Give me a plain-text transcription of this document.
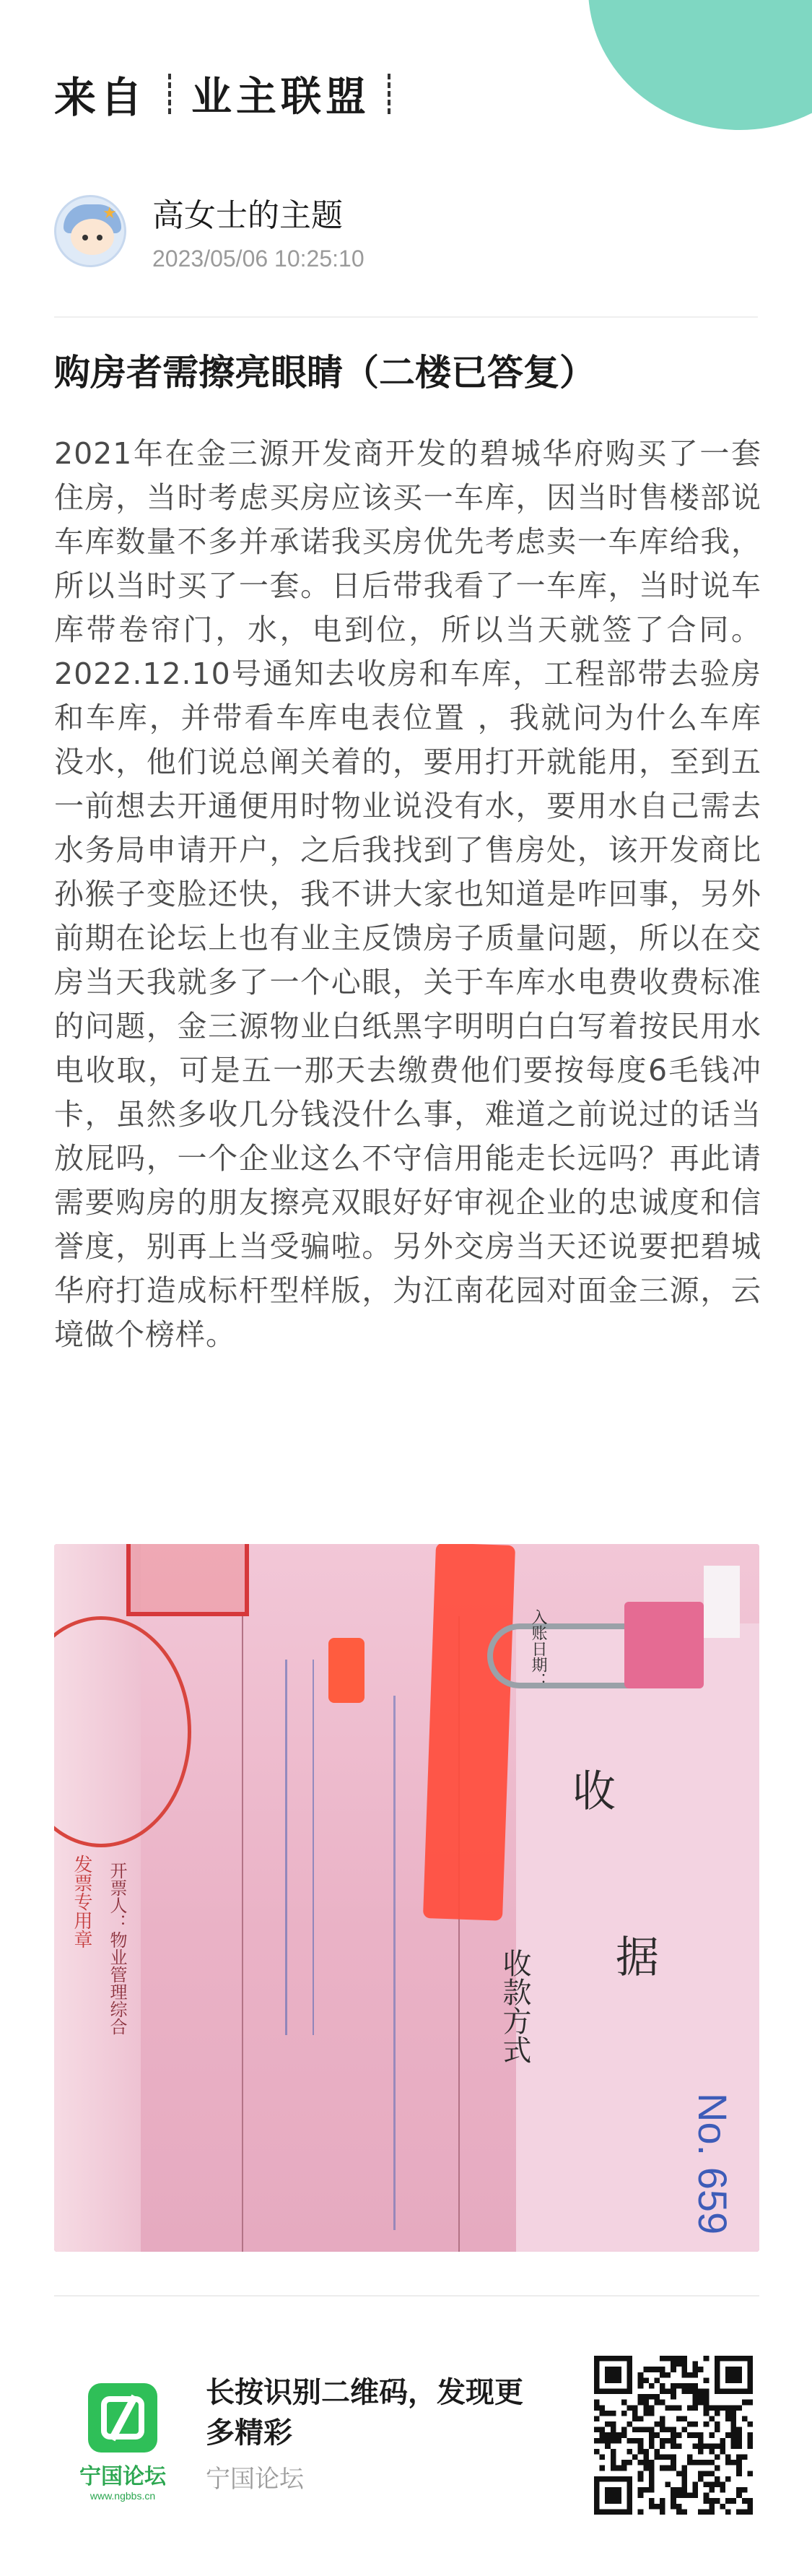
来自 业主联盟
★ 高女士的主题
2023/05/06 10:25:10
购房者需擦亮眼睛（二楼已答复）
2021年在金三源开发商开发的碧城华府购买了一套住房，当时考虑买房应该买一车库，因当时售楼部说车库数量不多并承诺我买房优先考虑卖一车库给我，所以当时买了一套。日后带我看了一车库，当时说车库带卷帘门，水，电到位，所以当天就签了合同。2022.12.10号通知去收房和车库，工程部带去验房和车库，并带看车库电表位置 ，我就问为什么车库没水，他们说总阐关着的，要用打开就能用，至到五一前想去开通便用时物业说没有水，要用水自己需去水务局申请开户，之后我找到了售房处，该开发商比孙猴子变脸还快，我不讲大家也知道是咋回事，另外前期在论坛上也有业主反馈房子质量问题，所以在交房当天我就多了一个心眼，关于车库水电费收费标准的问题，金三源物业白纸黑字明明白白写着按民用水电收取，可是五一那天去缴费他们要按每度6毛钱冲卡，虽然多收几分钱没什么事，难道之前说过的话当放屁吗，一个企业这么不守信用能走长远吗？再此请需要购房的朋友擦亮双眼好好审视企业的忠诚度和信誉度，别再上当受骗啦。另外交房当天还说要把碧城华府打造成标杆型样版，为江南花园对面金三源，云境做个榜样。
入账日期：
收
据
收款方式
No. 659
发票专用章 开票人：物业管理综合
宁国论坛
www.ngbbs.cn
长按识别二维码，发现更多精彩
宁国论坛
